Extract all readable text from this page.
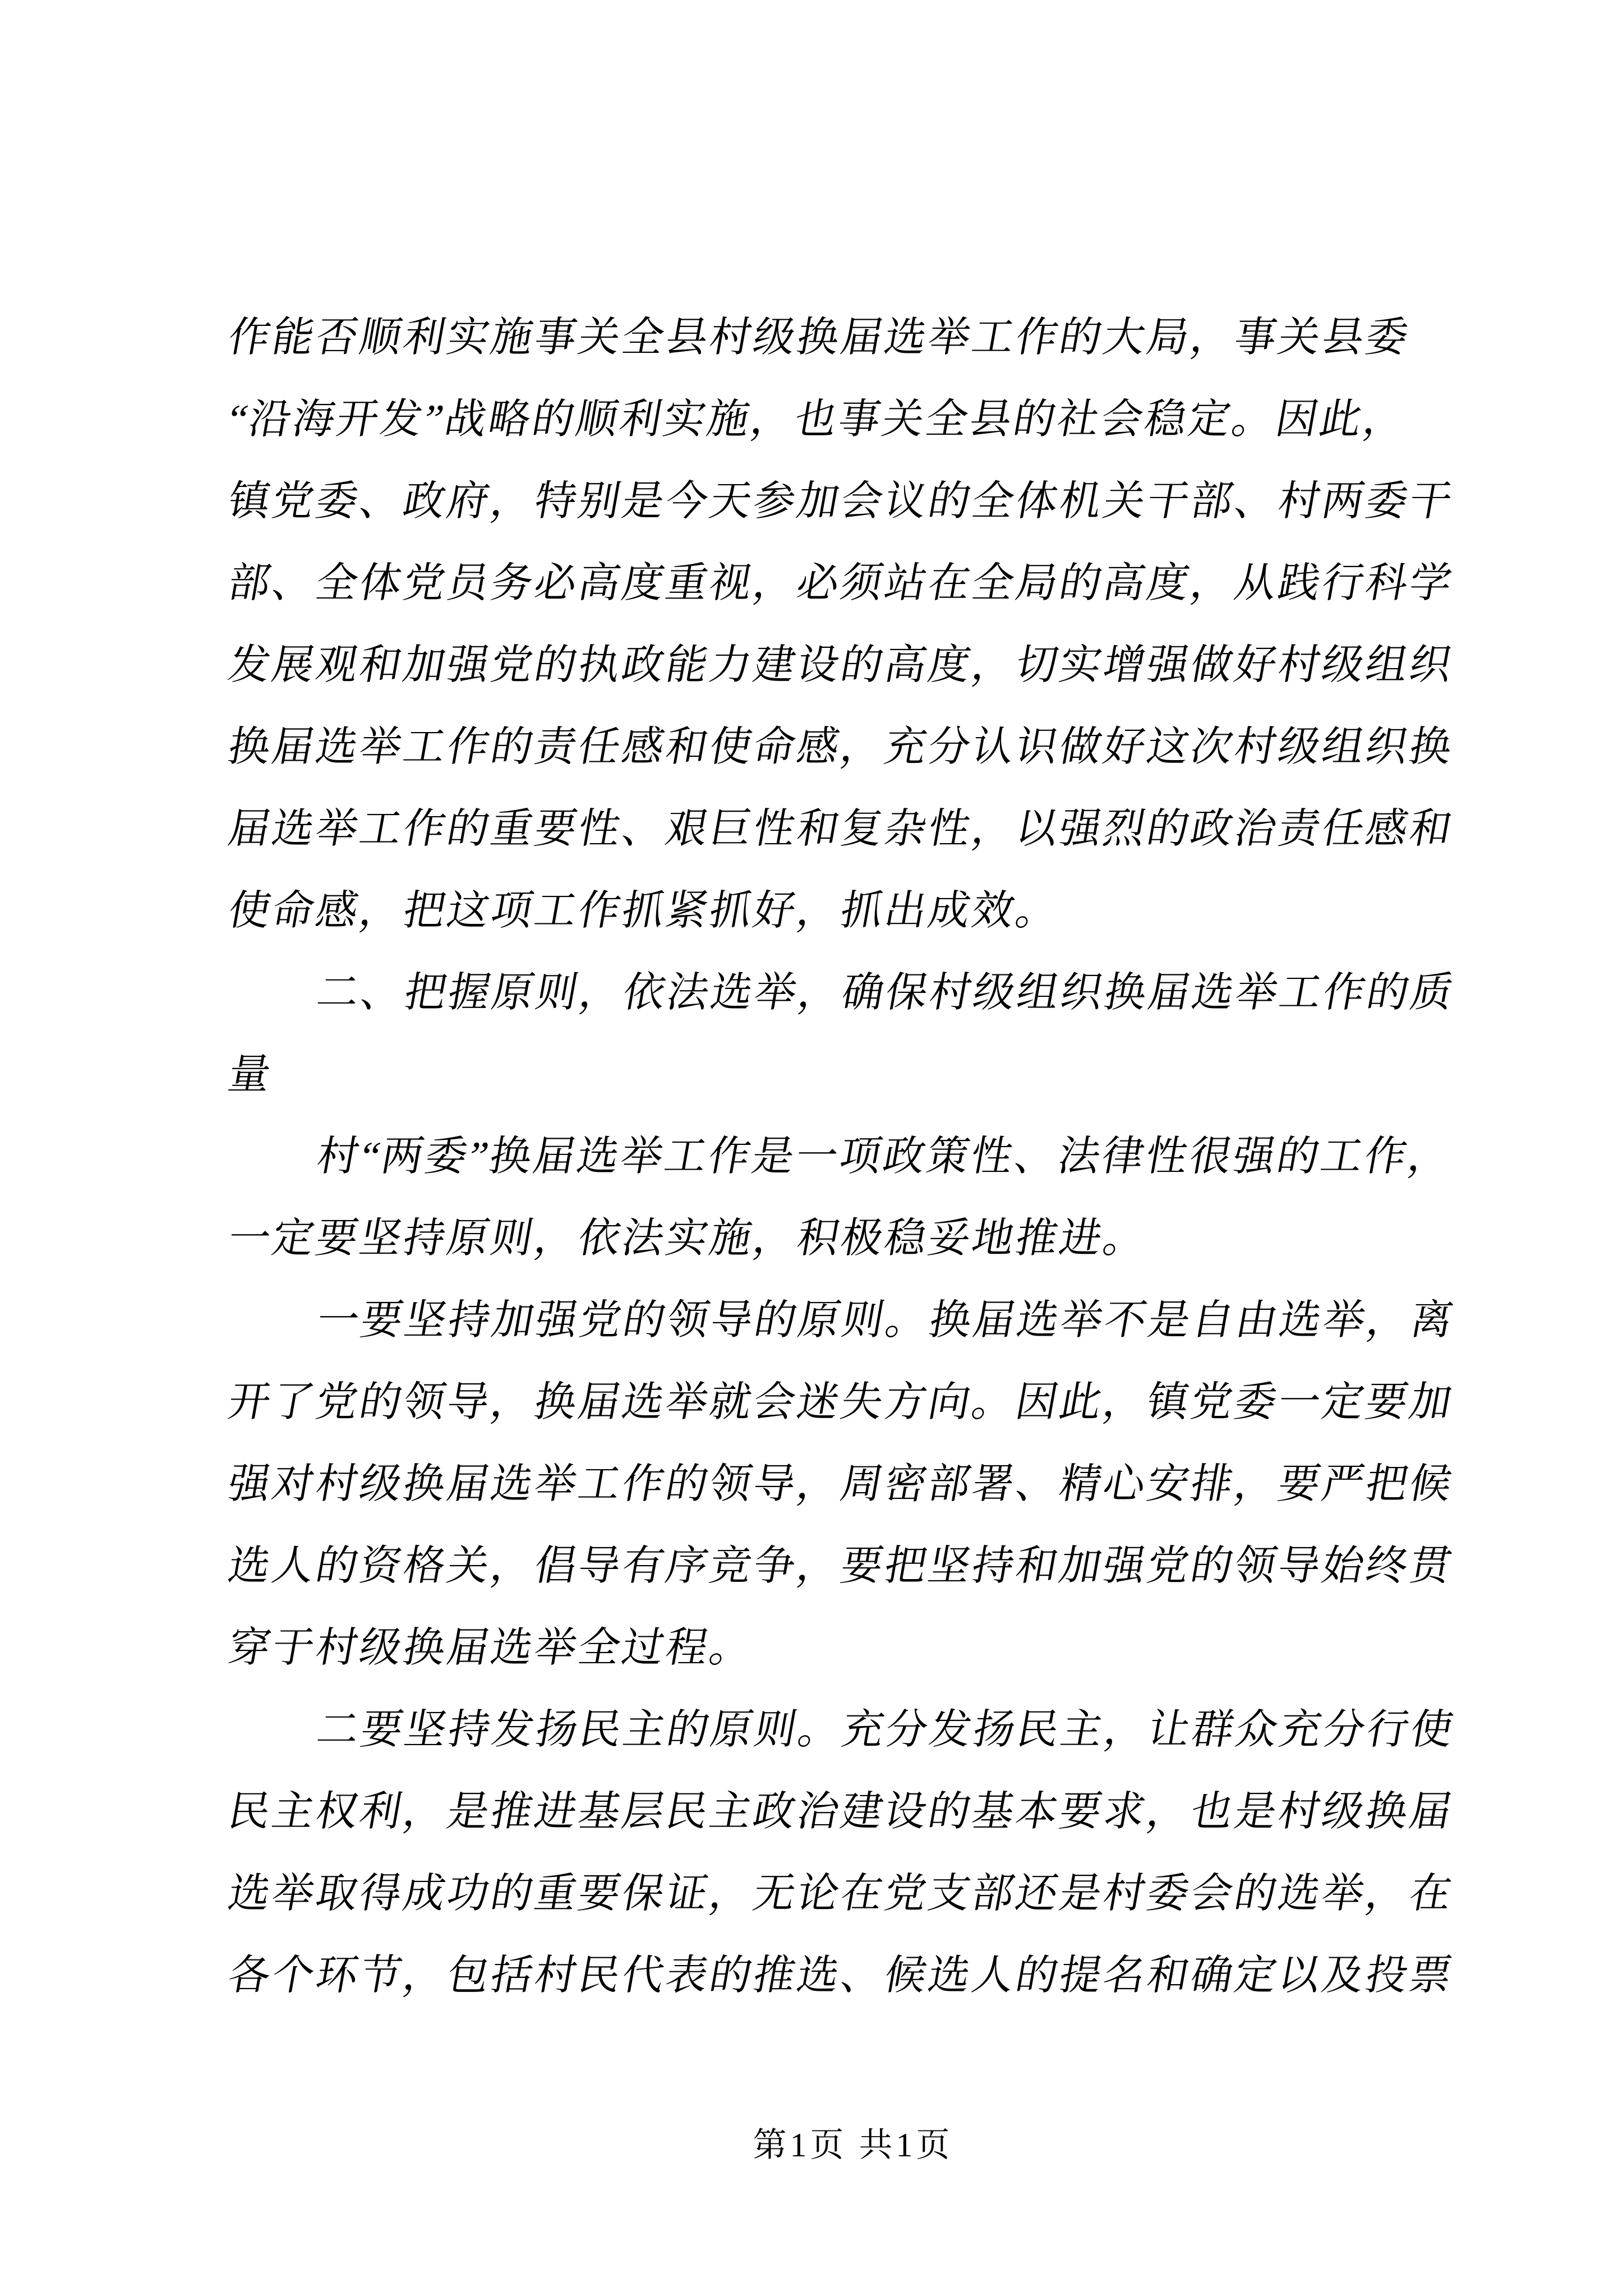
作能否顺利实施事关全县村级换届选举工作的大局，事关县委
“沿海开发”战略的顺利实施，也事关全县的社会稳定。因此，
镇党委、政府，特别是今天参加会议的全体机关干部、村两委干
部、全体党员务必高度重视，必须站在全局的高度，从践行科学
发展观和加强党的执政能力建设的高度，切实增强做好村级组织
换届选举工作的责任感和使命感，充分认识做好这次村级组织换
届选举工作的重要性、艰巨性和复杂性，以强烈的政治责任感和
使命感，把这项工作抓紧抓好，抓出成效。
二、把握原则，依法选举，确保村级组织换届选举工作的质
量
村“两委”换届选举工作是一项政策性、法律性很强的工作，
一定要坚持原则，依法实施，积极稳妥地推进。
一要坚持加强党的领导的原则。换届选举不是自由选举，离
开了党的领导，换届选举就会迷失方向。因此，镇党委一定要加
强对村级换届选举工作的领导，周密部署、精心安排，要严把候
选人的资格关，倡导有序竞争，要把坚持和加强党的领导始终贯
穿于村级换届选举全过程。
二要坚持发扬民主的原则。充分发扬民主，让群众充分行使
民主权利，是推进基层民主政治建设的基本要求，也是村级换届
选举取得成功的重要保证，无论在党支部还是村委会的选举，在
各个环节，包括村民代表的推选、候选人的提名和确定以及投票
第1页 共1页
